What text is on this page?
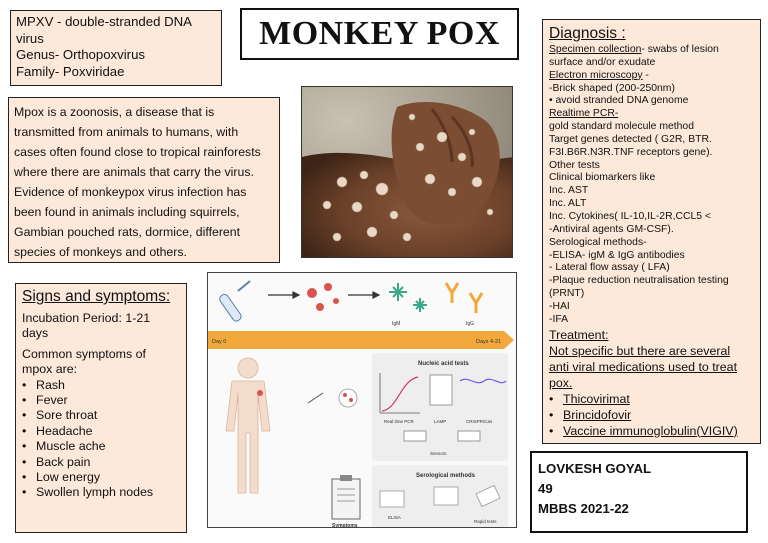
MPXV - double-stranded DNA
virus
Genus- Orthopoxvirus
Family- Poxviridae
MONKEY POX
Mpox is a zoonosis, a disease that is
transmitted from animals to humans, with
cases often found close to tropical rainforests
where there are animals that carry the virus.
Evidence of monkeypox virus infection has
been found in animals including squirrels,
Gambian pouched rats, dormice, different
species of monkeys and others.
Signs and symptoms:
Incubation Period: 1-21
days
Common symptoms of
mpox are:
• Rash
• Fever
• Sore throat
• Headache
• Muscle ache
• Back pain
• Low energy
• Swollen lymph nodes
IgM	IgG
Day 0	Days 4-21
Nucleic acid tests
Real time PCR	LAMP	CRISPR/Cas
Sensors
Serological methods
ELISA
Rapid tests
Symptoms
Diagnosis :
Specimen collection- swabs of lesion
surface and/or exudate
Electron microscopy -
-Brick shaped (200-250nm)
• avoid stranded DNA genome
Realtime PCR-
gold standard molecule method
Target genes detected ( G2R, BTR.
F3I.B6R.N3R.TNF receptors gene).
Other tests
Clinical biomarkers like
Inc. AST
Inc. ALT
Inc. Cytokines( IL-10,IL-2R,CCL5 <
-Antiviral agents GM-CSF).
Serological methods-
-ELISA- igM & IgG antibodies
- Lateral flow assay ( LFA)
-Plaque reduction neutralisation testing
(PRNT)
-HAI
-IFA
Treatment:
Not specific but there are several
anti viral medications used to treat
pox.
• Thicovirimat
• Brincidofovir
• Vaccine immunoglobulin(VIGIV)
LOVKESH GOYAL
49
MBBS 2021-22
